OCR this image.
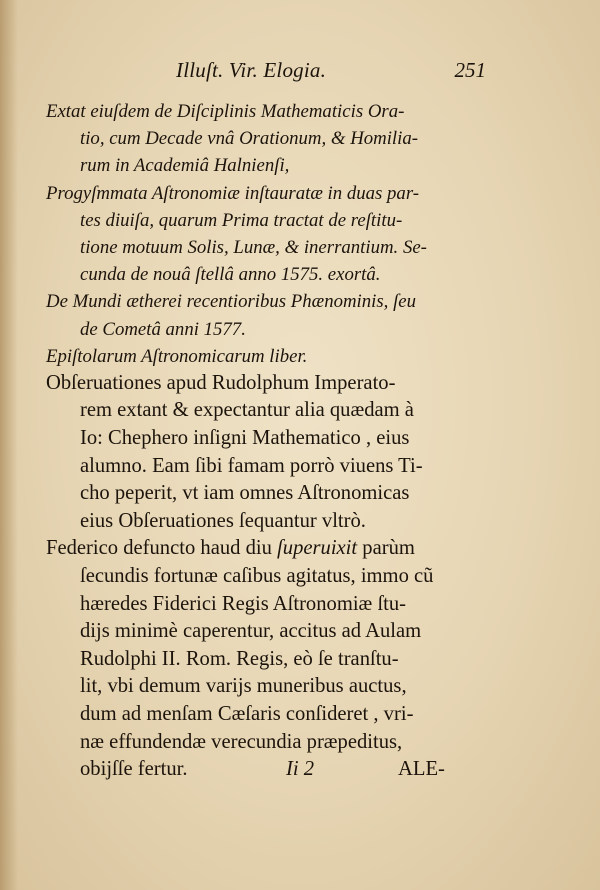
Illuſt. Vir. Elogia.	251
Extat eiuſdem de Diſciplinis Mathematicis Ora-
tio, cum Decade vnâ Orationum, & Homilia-
rum in Academiâ Halnienſi,
Progyſmmata Aſtronomiæ inſtauratæ in duas par-
tes diuiſa, quarum Prima tractat de reſtitu-
tione motuum Solis, Lunæ, & inerrantium. Se-
cunda de nouâ ſtellâ anno 1575. exortâ.
De Mundi ætherei recentioribus Phænominis, ſeu
de Cometâ anni 1577.
Epiſtolarum Aſtronomicarum liber.
Obſeruationes apud Rudolphum Imperato-
rem extant & expectantur alia quædam à
Io: Chephero inſigni Mathematico , eius
alumno. Eam ſibi famam porrò viuens Ti-
cho peperit, vt iam omnes Aſtronomicas
eius Obſeruationes ſequantur vltrò.
Federico defuncto haud diu ſuperuixit parùm
ſecundis fortunæ caſibus agitatus, immo cũ
hæredes Fiderici Regis Aſtronomiæ ſtu-
dijs minimè caperentur, accitus ad Aulam
Rudolphi II. Rom. Regis, eò ſe tranſtu-
lit, vbi demum varijs muneribus auctus,
dum ad menſam Cæſaris conſideret , vri-
næ effundendæ verecundia præpeditus,
obijſſe fertur.	Ii 2	ALE-
